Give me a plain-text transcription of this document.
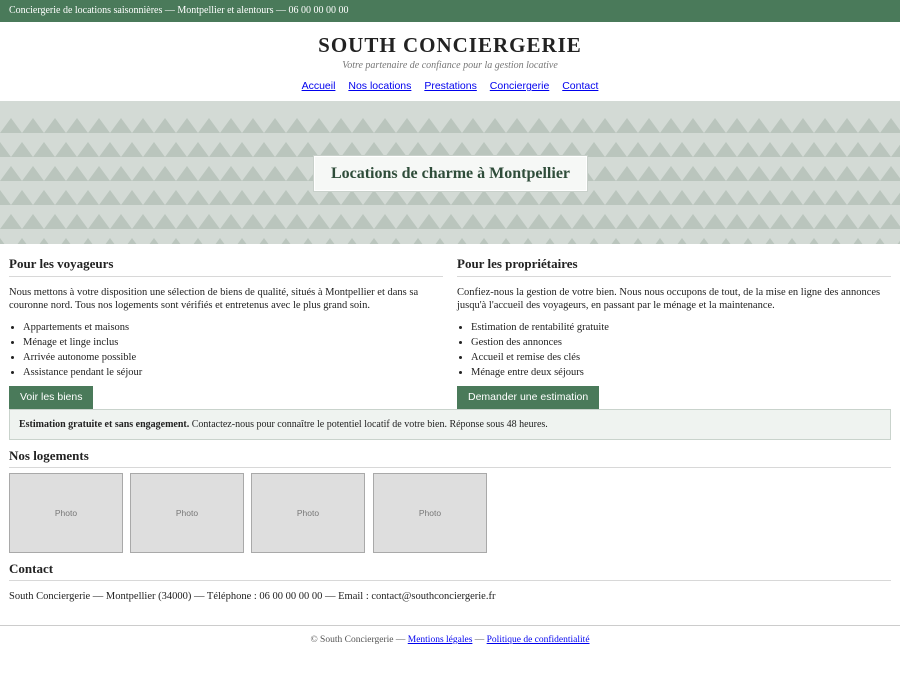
Conciergerie de locations saisonnières — Montpellier et alentours — 06 00 00 00 00
SOUTH CONCIERGERIE
Votre partenaire de confiance pour la gestion locative
Accueil Nos locations Prestations Conciergerie Contact
Locations de charme à Montpellier
Pour les voyageurs

Nous mettons à votre disposition une sélection de biens de qualité, situés à Montpellier et dans sa couronne nord. Tous nos logements sont vérifiés et entretenus avec le plus grand soin.

• Appartements et maisons
• Ménage et linge inclus
• Arrivée autonome possible
• Assistance pendant le séjour
Pour les propriétaires

Confiez-nous la gestion de votre bien. Nous nous occupons de tout, de la mise en ligne des annonces jusqu'à l'accueil des voyageurs, en passant par le ménage et la maintenance.

• Estimation de rentabilité gratuite
• Gestion des annonces
• Accueil et remise des clés
• Ménage entre deux séjours
Voir les biens	Demander une estimation
Estimation gratuite et sans engagement. Contactez-nous pour connaître le potentiel locatif de votre bien. Réponse sous 48 heures.
Nos logements
Photo	Photo	Photo	Photo
Contact
South Conciergerie — Montpellier (34000) — Téléphone : 06 00 00 00 00 — Email : contact@southconciergerie.fr
© South Conciergerie — Mentions légales — Politique de confidentialité
